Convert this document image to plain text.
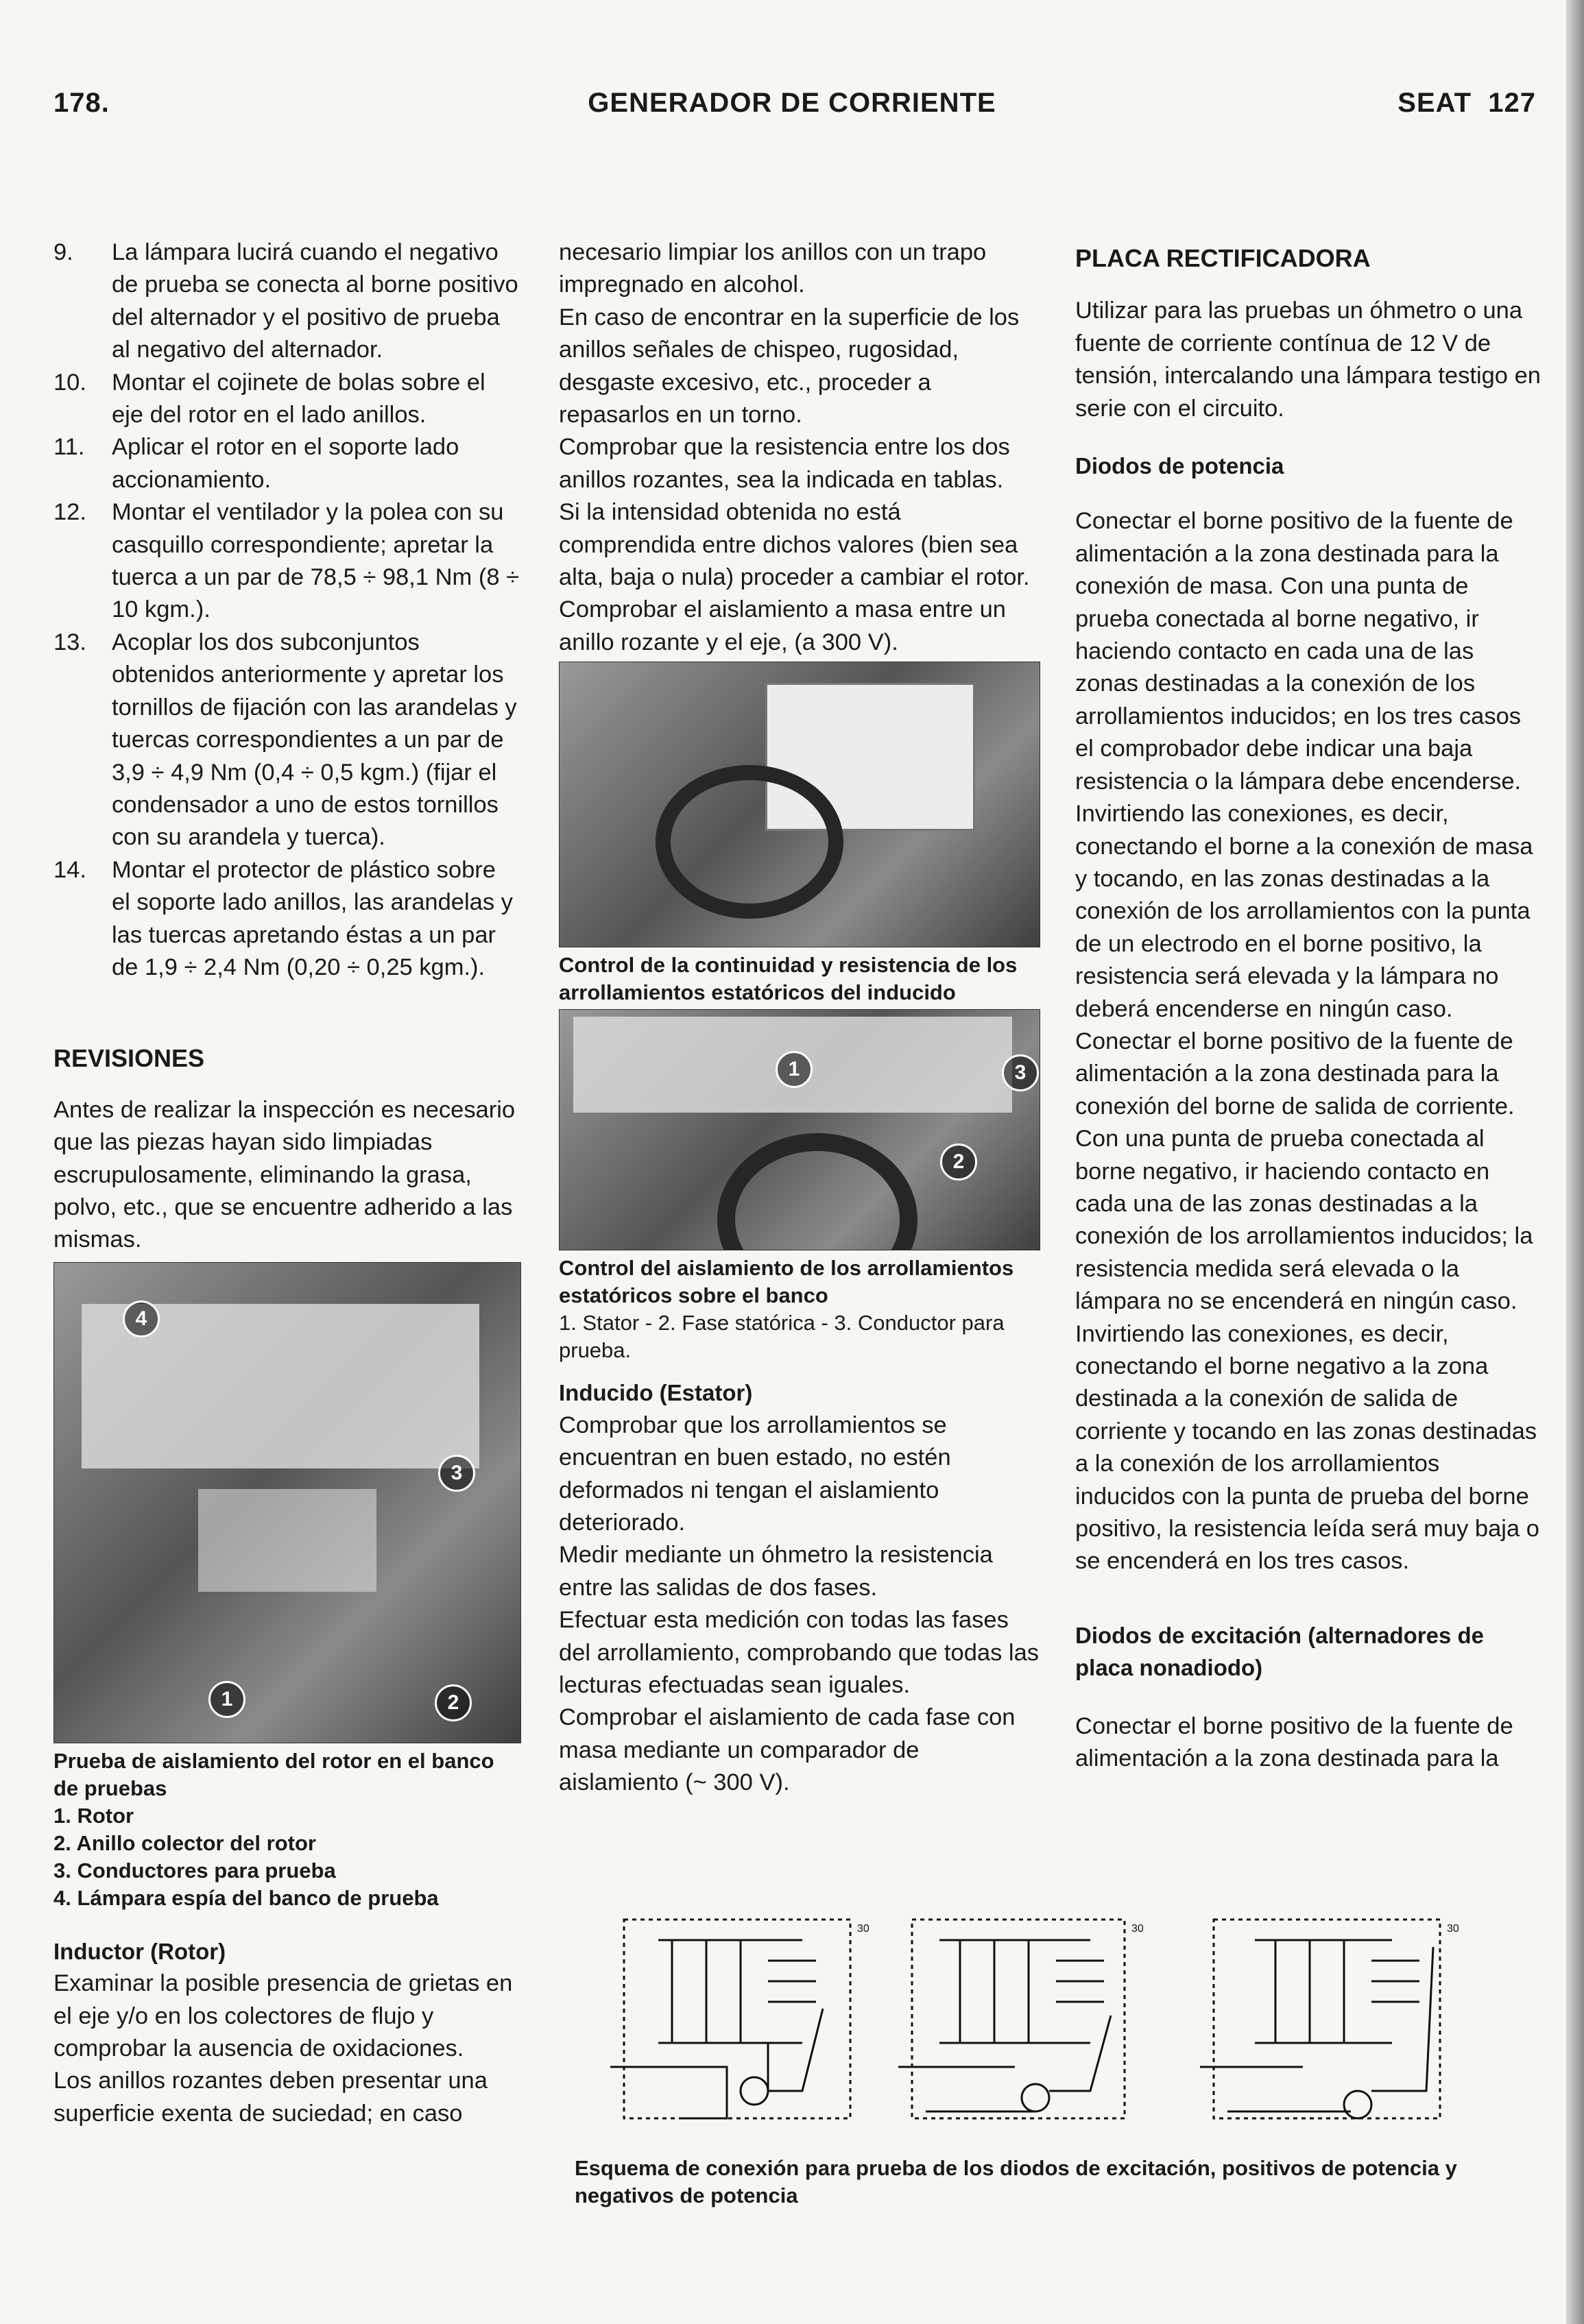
178.	GENERADOR DE CORRIENTE	SEAT 127
9.	La lámpara lucirá cuando el negativo de prueba se conecta al borne positivo del alternador y el positivo de prueba al negativo del alternador.
10.	Montar el cojinete de bolas sobre el eje del rotor en el lado anillos.
11.	Aplicar el rotor en el soporte lado accionamiento.
12.	Montar el ventilador y la polea con su casquillo correspondiente; apretar la tuerca a un par de 78,5 ÷ 98,1 Nm (8 ÷ 10 kgm.).
13.	Acoplar los dos subconjuntos obtenidos anteriormente y apretar los tornillos de fijación con las arandelas y tuercas correspondientes a un par de 3,9 ÷ 4,9 Nm (0,4 ÷ 0,5 kgm.) (fijar el condensador a uno de estos tornillos con su arandela y tuerca).
14.	Montar el protector de plástico sobre el soporte lado anillos, las arandelas y las tuercas apretando éstas a un par de 1,9 ÷ 2,4 Nm (0,20 ÷ 0,25 kgm.).

REVISIONES

Antes de realizar la inspección es necesario que las piezas hayan sido limpiadas escrupulosamente, eliminando la grasa, polvo, etc., que se encuentre adherido a las mismas.

4
3
1	2

Prueba de aislamiento del rotor en el banco de pruebas

1. Rotor
2. Anillo colector del rotor
3. Conductores para prueba
4. Lámpara espía del banco de prueba

Inductor (Rotor)

Examinar la posible presencia de grietas en el eje y/o en los colectores de flujo y comprobar la ausencia de oxidaciones.

Los anillos rozantes deben presentar una superficie exenta de suciedad; en caso

necesario limpiar los anillos con un trapo impregnado en alcohol.

En caso de encontrar en la superficie de los anillos señales de chispeo, rugosidad, desgaste excesivo, etc., proceder a repasarlos en un torno.

Comprobar que la resistencia entre los dos anillos rozantes, sea la indicada en tablas.

Si la intensidad obtenida no está comprendida entre dichos valores (bien sea alta, baja o nula) proceder a cambiar el rotor.

Comprobar el aislamiento a masa entre un anillo rozante y el eje, (a 300 V).

Control de la continuidad y resistencia de los arrollamientos estatóricos del inducido

1
2
3

Control del aislamiento de los arrollamientos estatóricos sobre el banco

1. Stator - 2. Fase statórica - 3. Conductor para prueba.

Inducido (Estator)

Comprobar que los arrollamientos se encuentran en buen estado, no estén deformados ni tengan el aislamiento deteriorado.

Medir mediante un óhmetro la resistencia entre las salidas de dos fases.

Efectuar esta medición con todas las fases del arrollamiento, comprobando que todas las lecturas efectuadas sean iguales.

Comprobar el aislamiento de cada fase con masa mediante un comparador de aislamiento (~ 300 V).

PLACA RECTIFICADORA

Utilizar para las pruebas un óhmetro o una fuente de corriente contínua de 12 V de tensión, intercalando una lámpara testigo en serie con el circuito.

Diodos de potencia

Conectar el borne positivo de la fuente de alimentación a la zona destinada para la conexión de masa. Con una punta de prueba conectada al borne negativo, ir haciendo contacto en cada una de las zonas destinadas a la conexión de los arrollamientos inducidos; en los tres casos el comprobador debe indicar una baja resistencia o la lámpara debe encenderse.

Invirtiendo las conexiones, es decir, conectando el borne a la conexión de masa y tocando, en las zonas destinadas a la conexión de los arrollamientos con la punta de un electrodo en el borne positivo, la resistencia será elevada y la lámpara no deberá encenderse en ningún caso.

Conectar el borne positivo de la fuente de alimentación a la zona destinada para la conexión del borne de salida de corriente. Con una punta de prueba conectada al borne negativo, ir haciendo contacto en cada una de las zonas destinadas a la conexión de los arrollamientos inducidos; la resistencia medida será elevada o la lámpara no se encenderá en ningún caso.

Invirtiendo las conexiones, es decir, conectando el borne negativo a la zona destinada a la conexión de salida de corriente y tocando en las zonas destinadas a la conexión de los arrollamientos inducidos con la punta de prueba del borne positivo, la resistencia leída será muy baja o se encenderá en los tres casos.

Diodos de excitación (alternadores de placa nonadiodo)

Conectar el borne positivo de la fuente de alimentación a la zona destinada para la

30	30	30
Esquema de conexión para prueba de los diodos de excitación, positivos de potencia y negativos de potencia
